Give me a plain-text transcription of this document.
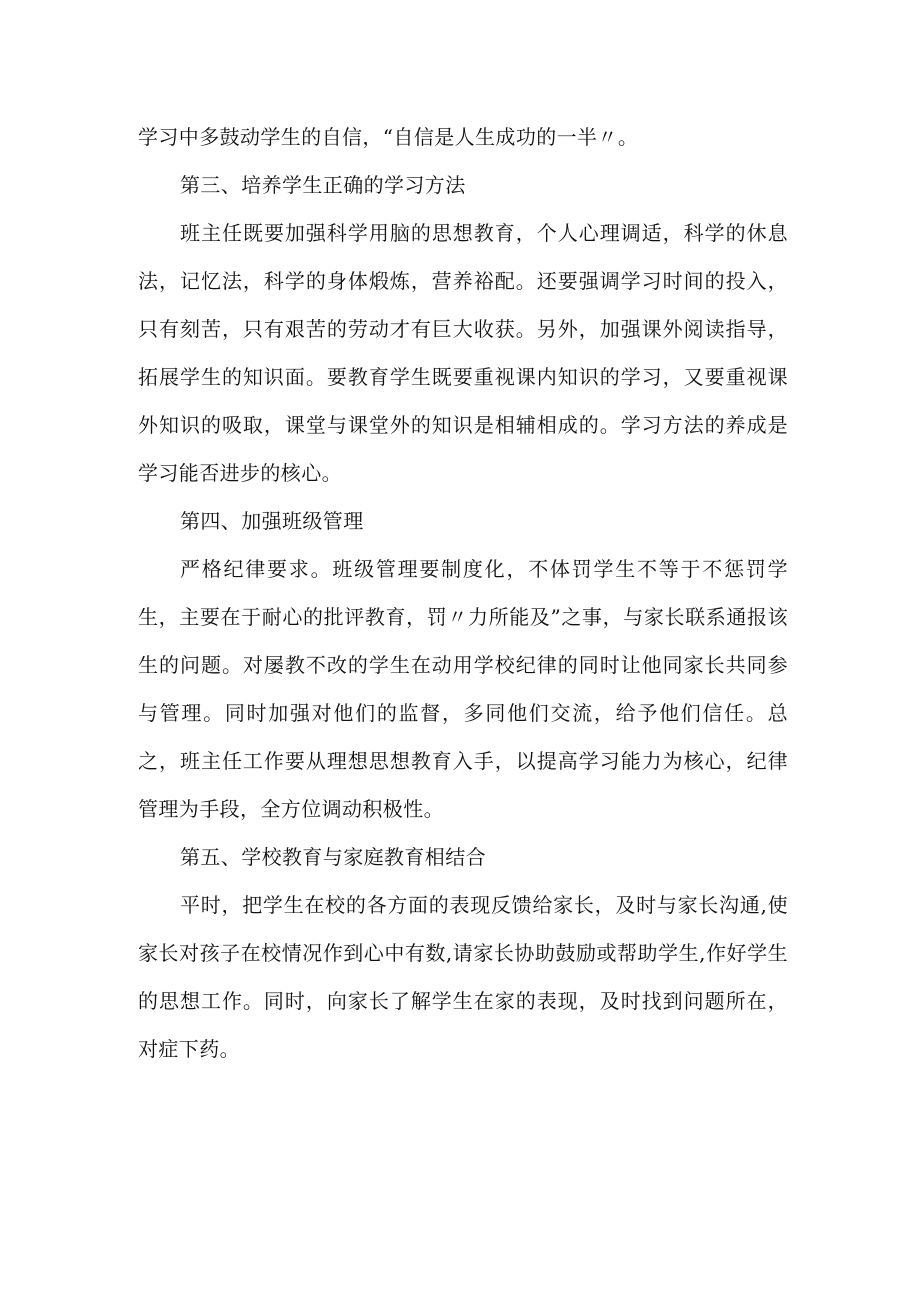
学习中多鼓动学生的自信，“自信是人生成功的一半〃。

第三、培养学生正确的学习方法

班主任既要加强科学用脑的思想教育，个人心理调适，科学的休息法，记忆法，科学的身体煅炼，营养裕配。还要强调学习时间的投入，只有刻苦，只有艰苦的劳动才有巨大收获。另外，加强课外阅读指导，拓展学生的知识面。要教育学生既要重视课内知识的学习，又要重视课外知识的吸取，课堂与课堂外的知识是相辅相成的。学习方法的养成是学习能否进步的核心。

第四、加强班级管理

严格纪律要求。班级管理要制度化，不体罚学生不等于不惩罚学生，主要在于耐心的批评教育，罚〃力所能及”之事，与家长联系通报该生的问题。对屡教不改的学生在动用学校纪律的同时让他同家长共同参与管理。同时加强对他们的监督，多同他们交流，给予他们信任。总之，班主任工作要从理想思想教育入手，以提高学习能力为核心，纪律管理为手段，全方位调动积极性。

第五、学校教育与家庭教育相结合

平时，把学生在校的各方面的表现反馈给家长，及时与家长沟通,使家长对孩子在校情况作到心中有数,请家长协助鼓励或帮助学生,作好学生的思想工作。同时，向家长了解学生在家的表现，及时找到问题所在，对症下药。
